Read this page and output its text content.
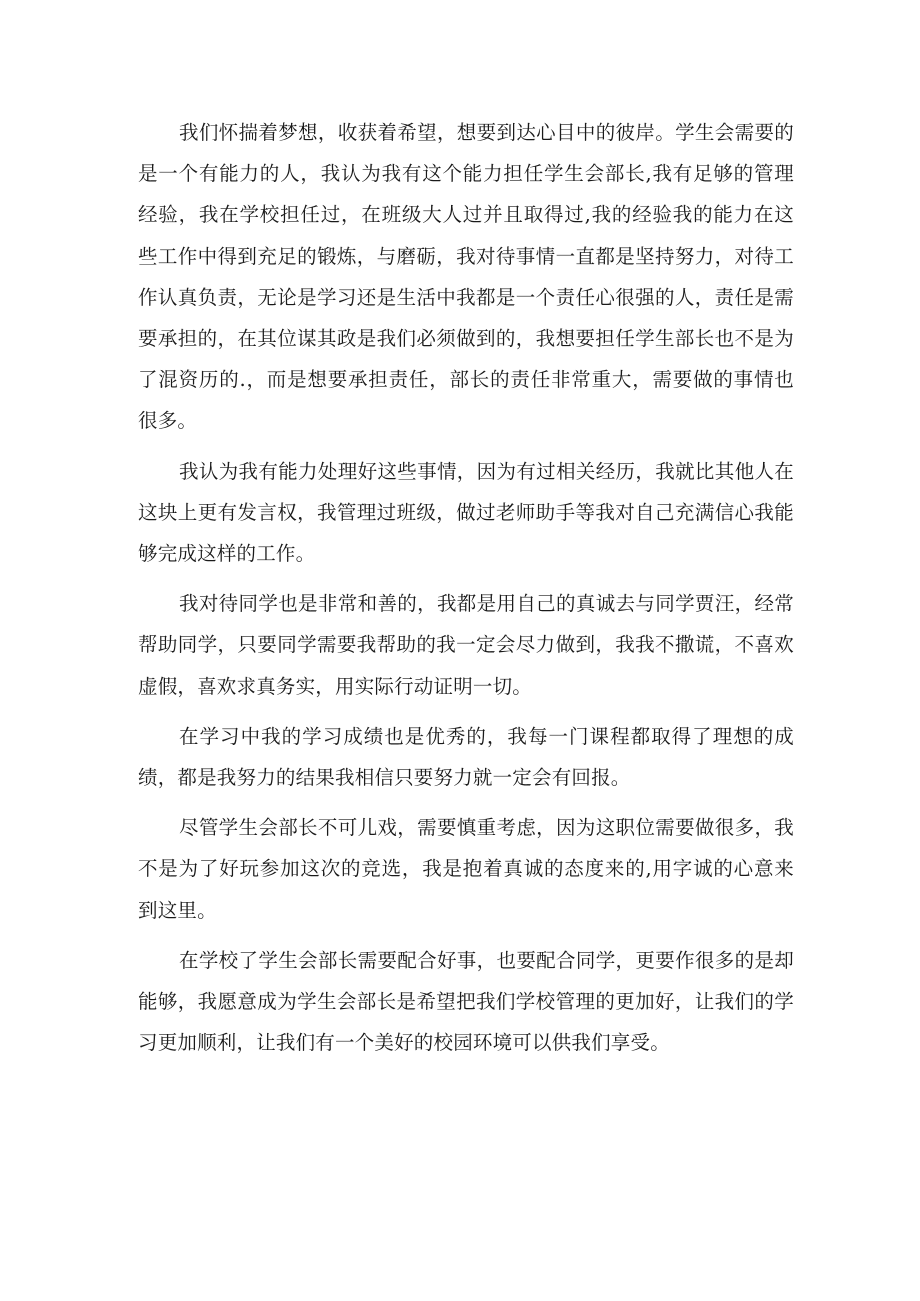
我们怀揣着梦想，收获着希望，想要到达心目中的彼岸。学生会需要的是一个有能力的人，我认为我有这个能力担任学生会部长,我有足够的管理经验，我在学校担任过，在班级大人过并且取得过,我的经验我的能力在这些工作中得到充足的锻炼，与磨砺，我对待事情一直都是坚持努力，对待工作认真负责，无论是学习还是生活中我都是一个责任心很强的人，责任是需要承担的，在其位谋其政是我们必须做到的，我想要担任学生部长也不是为了混资历的.，而是想要承担责任，部长的责任非常重大，需要做的事情也很多。

我认为我有能力处理好这些事情，因为有过相关经历，我就比其他人在这块上更有发言权，我管理过班级，做过老师助手等我对自己充满信心我能够完成这样的工作。

我对待同学也是非常和善的，我都是用自己的真诚去与同学贾汪，经常帮助同学，只要同学需要我帮助的我一定会尽力做到，我我不撒谎，不喜欢虚假，喜欢求真务实，用实际行动证明一切。

在学习中我的学习成绩也是优秀的，我每一门课程都取得了理想的成绩，都是我努力的结果我相信只要努力就一定会有回报。

尽管学生会部长不可儿戏，需要慎重考虑，因为这职位需要做很多，我不是为了好玩参加这次的竞选，我是抱着真诚的态度来的,用字诚的心意来到这里。

在学校了学生会部长需要配合好事，也要配合同学，更要作很多的是却能够，我愿意成为学生会部长是希望把我们学校管理的更加好，让我们的学习更加顺利，让我们有一个美好的校园环境可以供我们享受。
